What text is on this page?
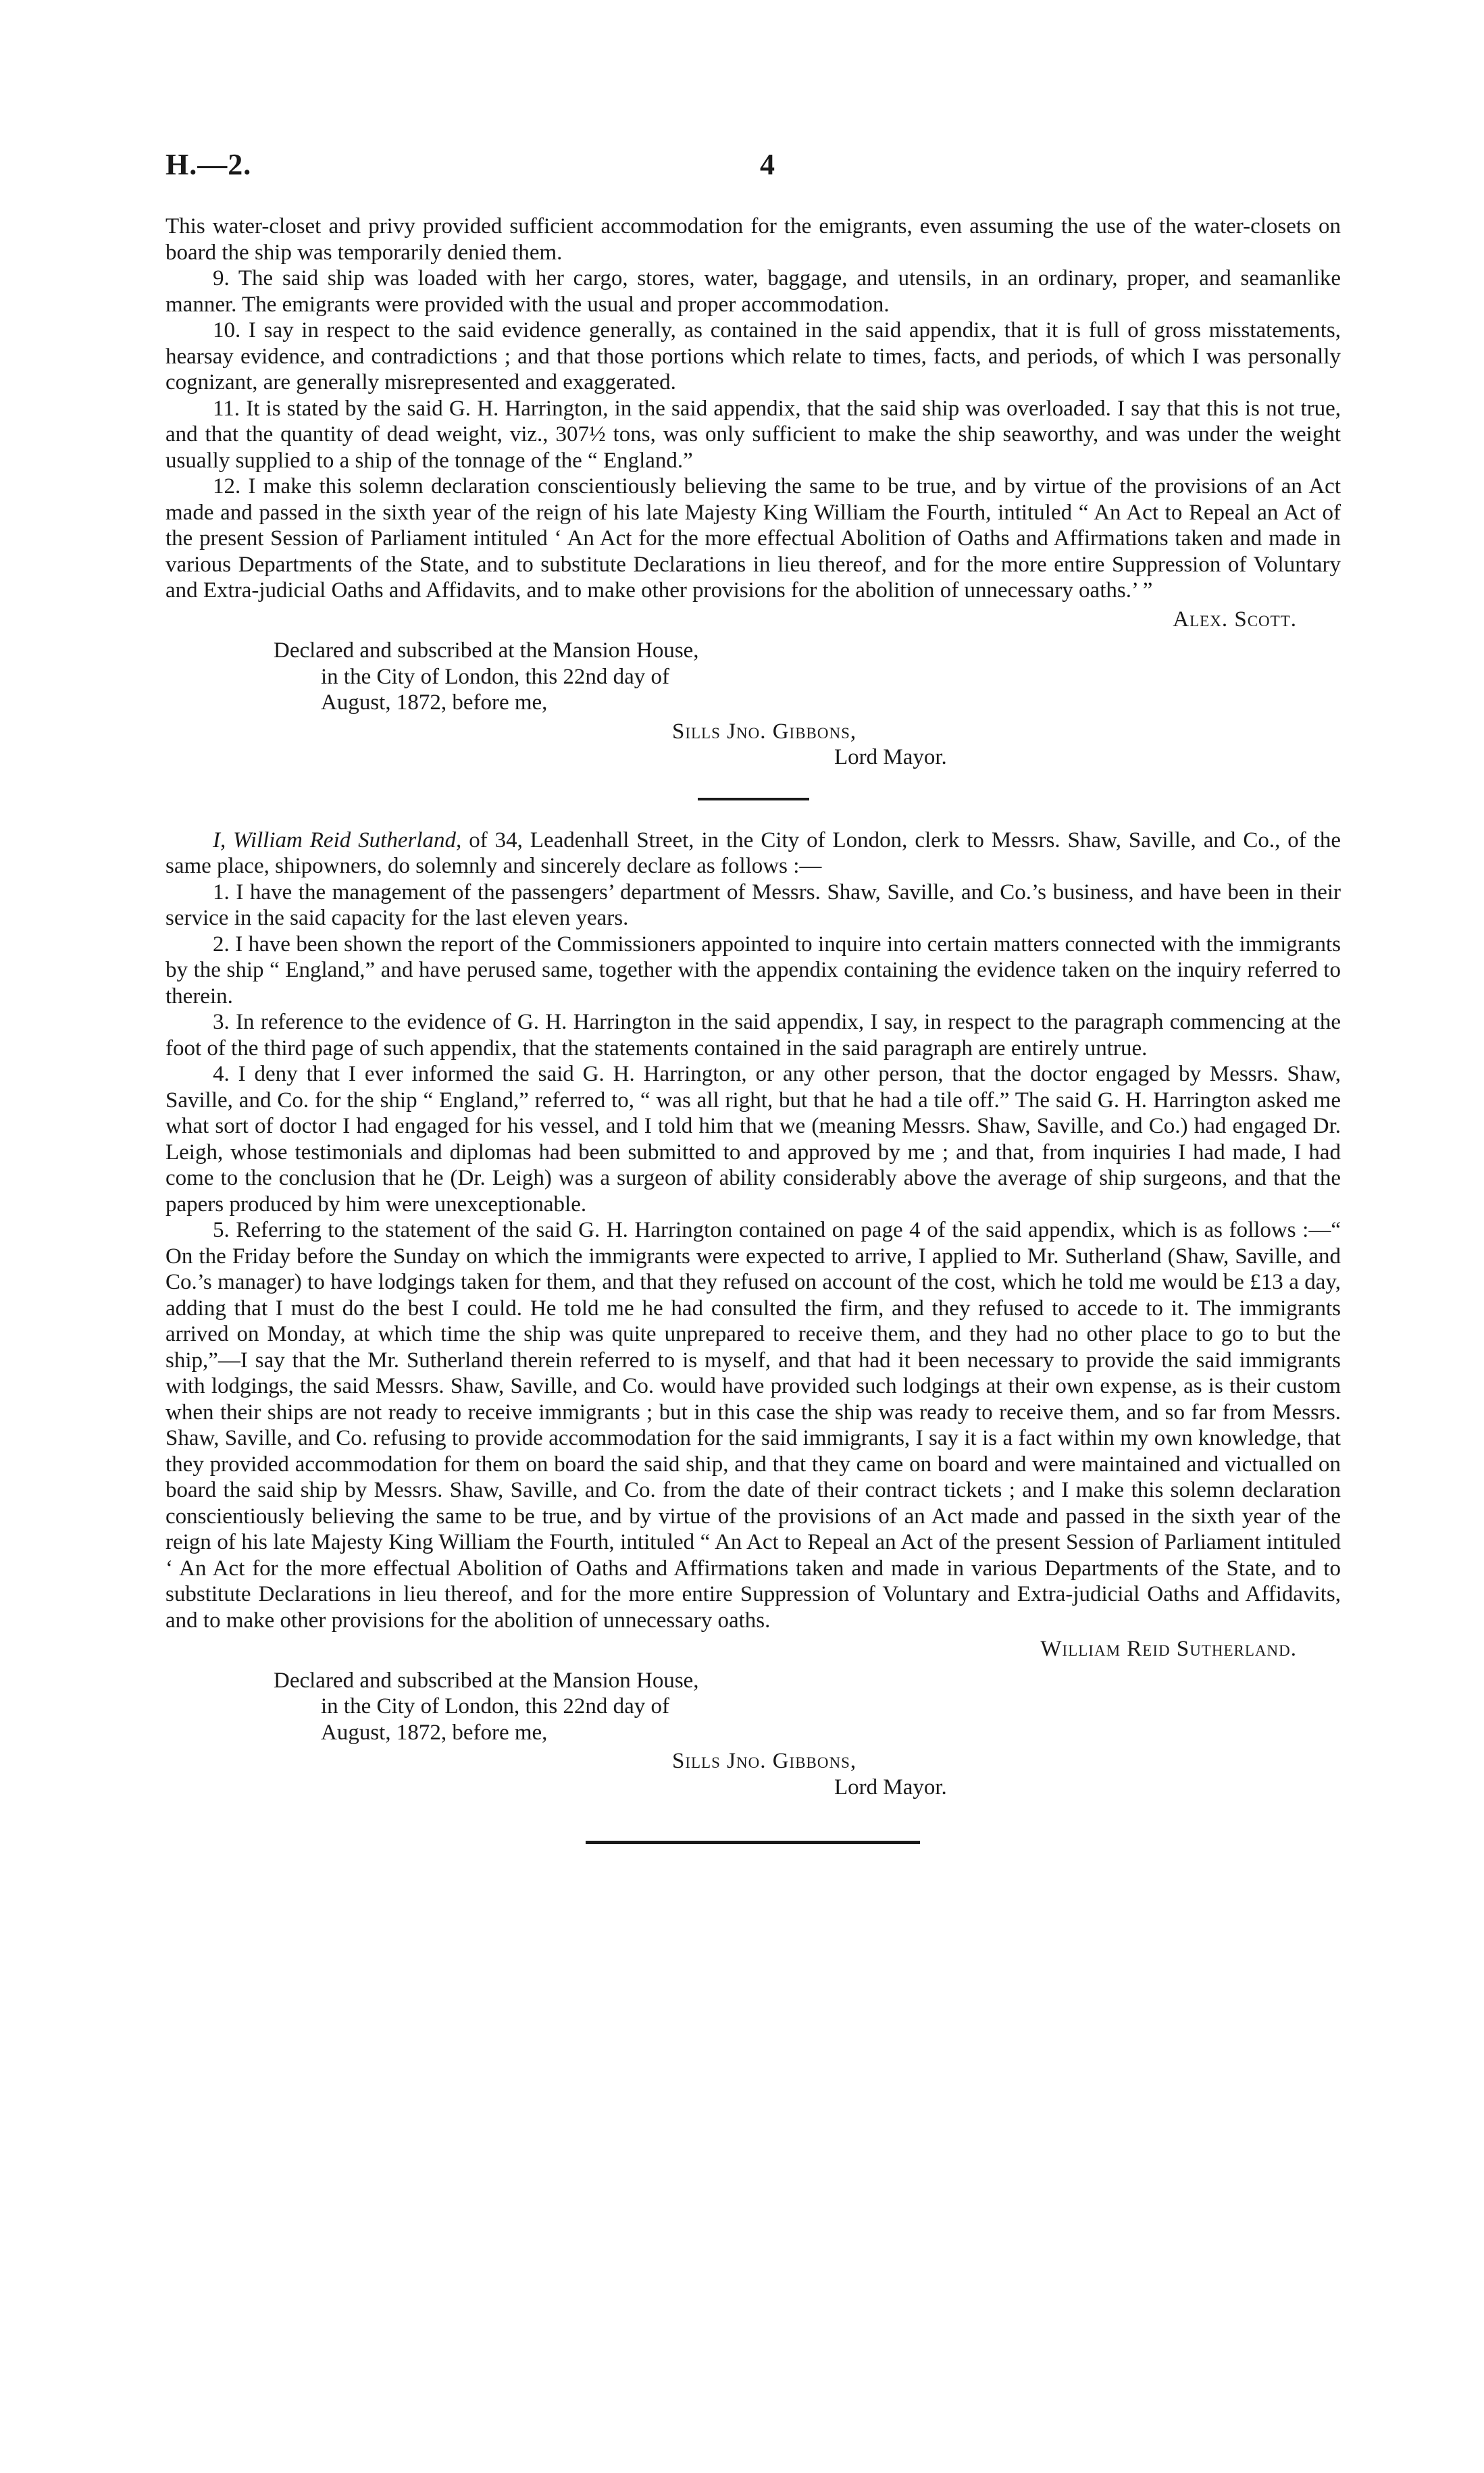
H.—2.	4

This water-closet and privy provided sufficient accommodation for the emigrants, even assuming the use of the water-closets on board the ship was temporarily denied them.

9. The said ship was loaded with her cargo, stores, water, baggage, and utensils, in an ordinary, proper, and seamanlike manner. The emigrants were provided with the usual and proper accommodation.

10. I say in respect to the said evidence generally, as contained in the said appendix, that it is full of gross misstatements, hearsay evidence, and contradictions ; and that those portions which relate to times, facts, and periods, of which I was personally cognizant, are generally misrepresented and exaggerated.

11. It is stated by the said G. H. Harrington, in the said appendix, that the said ship was overloaded. I say that this is not true, and that the quantity of dead weight, viz., 307½ tons, was only sufficient to make the ship seaworthy, and was under the weight usually supplied to a ship of the tonnage of the “ England.”

12. I make this solemn declaration conscientiously believing the same to be true, and by virtue of the provisions of an Act made and passed in the sixth year of the reign of his late Majesty King William the Fourth, intituled “ An Act to Repeal an Act of the present Session of Parliament intituled ‘ An Act for the more effectual Abolition of Oaths and Affirmations taken and made in various Departments of the State, and to substitute Declarations in lieu thereof, and for the more entire Suppression of Voluntary and Extra-judicial Oaths and Affidavits, and to make other provisions for the abolition of unnecessary oaths.’ ”

Alex. Scott.
Declared and subscribed at the Mansion House,
in the City of London, this 22nd day of
August, 1872, before me,
Sills Jno. Gibbons,
Lord Mayor.

I, William Reid Sutherland, of 34, Leadenhall Street, in the City of London, clerk to Messrs. Shaw, Saville, and Co., of the same place, shipowners, do solemnly and sincerely declare as follows :—

1. I have the management of the passengers’ department of Messrs. Shaw, Saville, and Co.’s business, and have been in their service in the said capacity for the last eleven years.

2. I have been shown the report of the Commissioners appointed to inquire into certain matters connected with the immigrants by the ship “ England,” and have perused same, together with the appendix containing the evidence taken on the inquiry referred to therein.

3. In reference to the evidence of G. H. Harrington in the said appendix, I say, in respect to the paragraph commencing at the foot of the third page of such appendix, that the statements contained in the said paragraph are entirely untrue.

4. I deny that I ever informed the said G. H. Harrington, or any other person, that the doctor engaged by Messrs. Shaw, Saville, and Co. for the ship “ England,” referred to, “ was all right, but that he had a tile off.” The said G. H. Harrington asked me what sort of doctor I had engaged for his vessel, and I told him that we (meaning Messrs. Shaw, Saville, and Co.) had engaged Dr. Leigh, whose testimonials and diplomas had been submitted to and approved by me ; and that, from inquiries I had made, I had come to the conclusion that he (Dr. Leigh) was a surgeon of ability considerably above the average of ship surgeons, and that the papers produced by him were unexceptionable.

5. Referring to the statement of the said G. H. Harrington contained on page 4 of the said appendix, which is as follows :—“ On the Friday before the Sunday on which the immigrants were expected to arrive, I applied to Mr. Sutherland (Shaw, Saville, and Co.’s manager) to have lodgings taken for them, and that they refused on account of the cost, which he told me would be £13 a day, adding that I must do the best I could. He told me he had consulted the firm, and they refused to accede to it. The immigrants arrived on Monday, at which time the ship was quite unprepared to receive them, and they had no other place to go to but the ship,”—I say that the Mr. Sutherland therein referred to is myself, and that had it been necessary to provide the said immigrants with lodgings, the said Messrs. Shaw, Saville, and Co. would have provided such lodgings at their own expense, as is their custom when their ships are not ready to receive immigrants ; but in this case the ship was ready to receive them, and so far from Messrs. Shaw, Saville, and Co. refusing to provide accommodation for the said immigrants, I say it is a fact within my own knowledge, that they provided accommodation for them on board the said ship, and that they came on board and were maintained and victualled on board the said ship by Messrs. Shaw, Saville, and Co. from the date of their contract tickets ; and I make this solemn declaration conscientiously believing the same to be true, and by virtue of the provisions of an Act made and passed in the sixth year of the reign of his late Majesty King William the Fourth, intituled “ An Act to Repeal an Act of the present Session of Parliament intituled ‘ An Act for the more effectual Abolition of Oaths and Affirmations taken and made in various Departments of the State, and to substitute Declarations in lieu thereof, and for the more entire Suppression of Voluntary and Extra-judicial Oaths and Affidavits, and to make other provisions for the abolition of unnecessary oaths.

William Reid Sutherland.
Declared and subscribed at the Mansion House,
in the City of London, this 22nd day of
August, 1872, before me,
Sills Jno. Gibbons,
Lord Mayor.
